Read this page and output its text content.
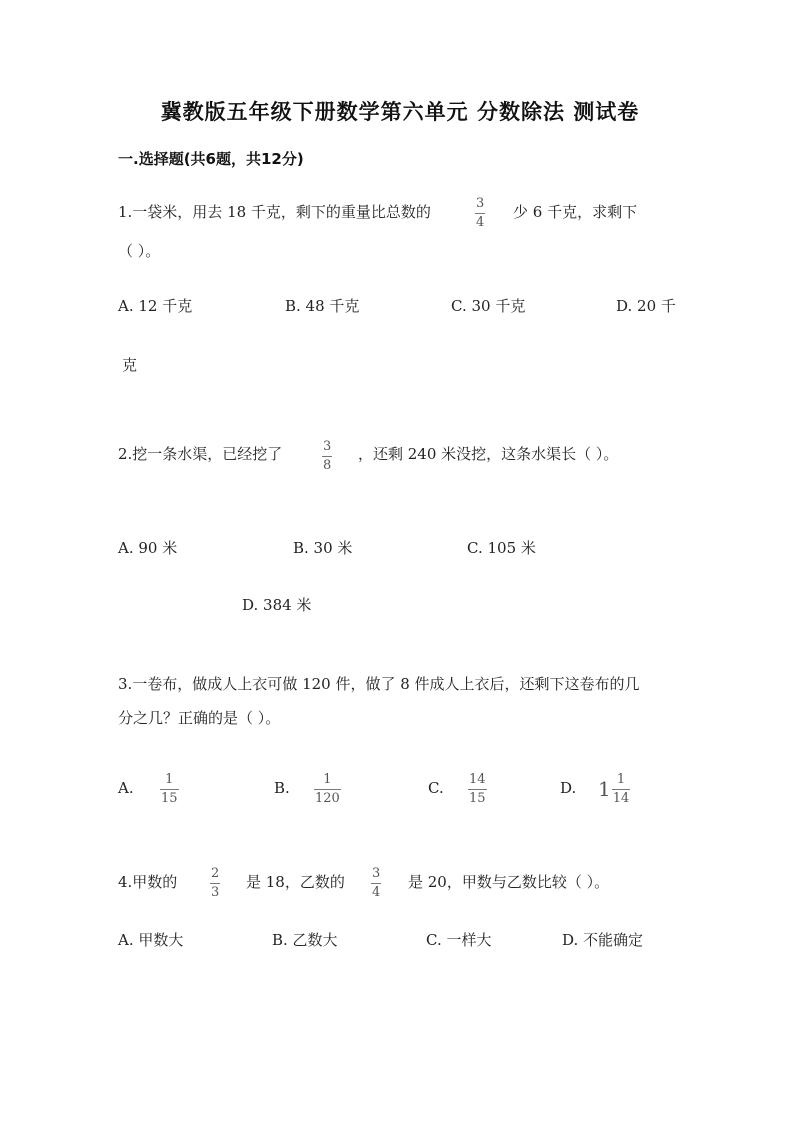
冀教版五年级下册数学第六单元 分数除法 测试卷
一.选择题(共6题，共12分)
1.一袋米，用去 18 千克，剩下的重量比总数的	3
4
少 6 千克，求剩下
（ ）。
A. 12 千克	B. 48 千克	C. 30 千克	D. 20 千
克
2.挖一条水渠，已经挖了	3
8
，还剩 240 米没挖，这条水渠长（ ）。
A. 90 米	B. 30 米	C. 105 米
D. 384 米
3.一卷布，做成人上衣可做 120 件，做了 8 件成人上衣后，还剩下这卷布的几
分之几？正确的是（ ）。
A. 1
15
B.	1
120
C. 14
15
D. $1 \frac{1}{14}$
4.甲数的	2
3
是 18，乙数的 3
4
是 20，甲数与乙数比较（ ）。
A. 甲数大	B. 乙数大	C. 一样大	D. 不能确定
